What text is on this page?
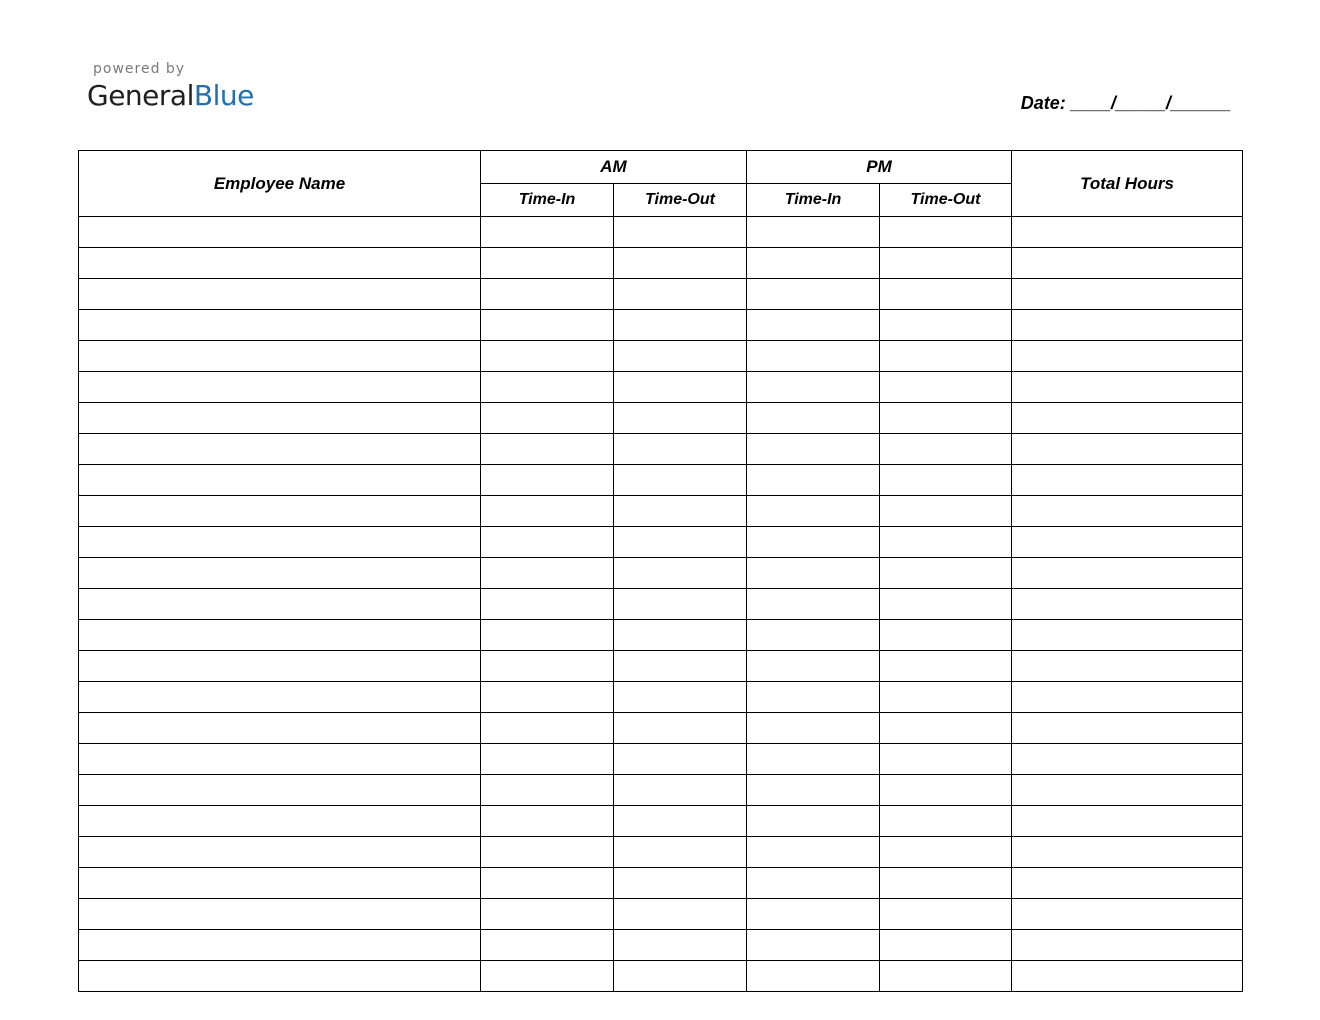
powered by
GeneralBlue	Date: ____/_____/______
Employee Name	AM		PM		Total Hours
	Time-In	Time-Out	Time-In	Time-Out	
